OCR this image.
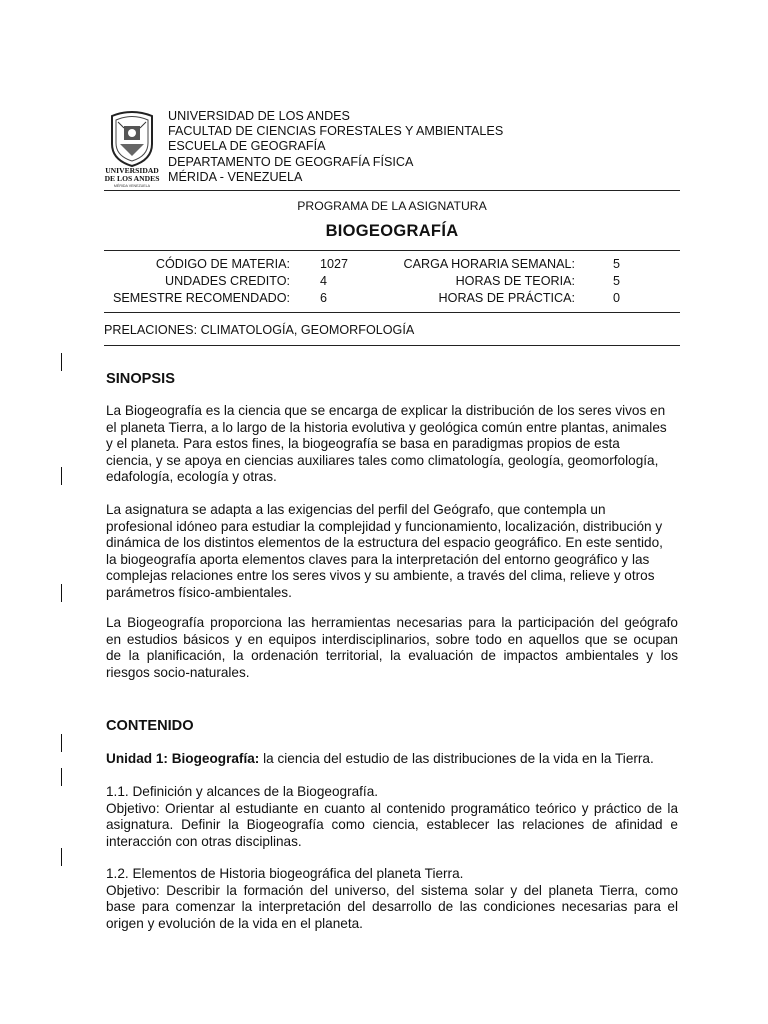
UNIVERSIDAD
DE LOS ANDES
MÉRIDA VENEZUELA
UNIVERSIDAD DE LOS ANDES
FACULTAD DE CIENCIAS FORESTALES Y AMBIENTALES
ESCUELA DE GEOGRAFÍA
DEPARTAMENTO DE GEOGRAFÍA FÍSICA
MÉRIDA - VENEZUELA
PROGRAMA DE LA ASIGNATURA
BIOGEOGRAFÍA
CÓDIGO DE MATERIA:
UNDADES CREDITO:
SEMESTRE RECOMENDADO:
1027
4
6
CARGA HORARIA SEMANAL:
HORAS DE TEORIA:
HORAS DE PRÁCTICA:
5
5
0
PRELACIONES: CLIMATOLOGÍA, GEOMORFOLOGÍA
SINOPSIS
La Biogeografía es la ciencia que se encarga de explicar la distribución de los seres vivos en
el planeta Tierra, a lo largo de la historia evolutiva y geológica común entre plantas, animales
y el planeta. Para estos fines, la biogeografía se basa en paradigmas propios de esta
ciencia, y se apoya en ciencias auxiliares tales como climatología, geología, geomorfología,
edafología, ecología y otras.
La asignatura se adapta a las exigencias del perfil del Geógrafo, que contempla un
profesional idóneo para estudiar la complejidad y funcionamiento, localización, distribución y
dinámica de los distintos elementos de la estructura del espacio geográfico. En este sentido,
la biogeografía aporta elementos claves para la interpretación del entorno geográfico y las
complejas relaciones entre los seres vivos y su ambiente, a través del clima, relieve y otros
parámetros físico-ambientales.
La Biogeografía proporciona las herramientas necesarias para la participación del geógrafo
en estudios básicos y en equipos interdisciplinarios, sobre todo en aquellos que se ocupan
de la planificación, la ordenación territorial, la evaluación de impactos ambientales y los
riesgos socio-naturales.
CONTENIDO
Unidad 1: Biogeografía: la ciencia del estudio de las distribuciones de la vida en la Tierra.
1.1. Definición y alcances de la Biogeografía.
Objetivo: Orientar al estudiante en cuanto al contenido programático teórico y práctico de la
asignatura. Definir la Biogeografía como ciencia, establecer las relaciones de afinidad e
interacción con otras disciplinas.
1.2. Elementos de Historia biogeográfica del planeta Tierra.
Objetivo: Describir la formación del universo, del sistema solar y del planeta Tierra, como
base para comenzar la interpretación del desarrollo de las condiciones necesarias para el
origen y evolución de la vida en el planeta.
